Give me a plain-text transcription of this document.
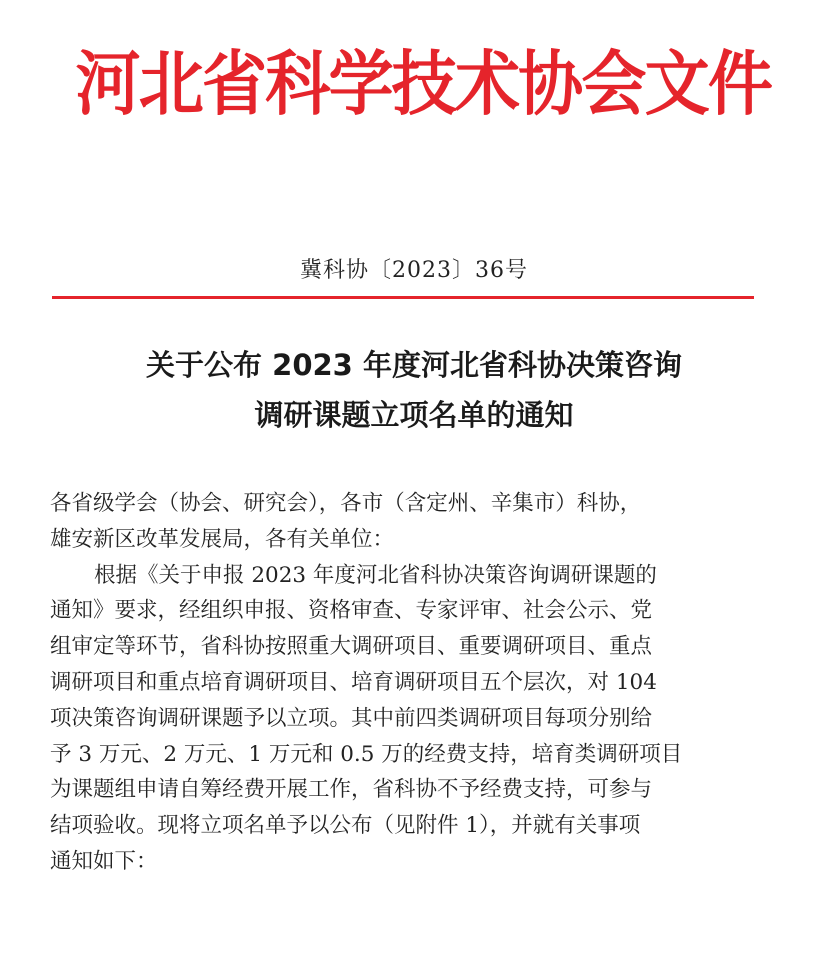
河北省科学技术协会文件
冀科协〔2023〕36号
关于公布 2023 年度河北省科协决策咨询
调研课题立项名单的通知
各省级学会（协会、研究会），各市（含定州、辛集市）科协，
雄安新区改革发展局，各有关单位：
根据《关于申报 2023 年度河北省科协决策咨询调研课题的
通知》要求，经组织申报、资格审查、专家评审、社会公示、党
组审定等环节，省科协按照重大调研项目、重要调研项目、重点
调研项目和重点培育调研项目、培育调研项目五个层次，对 104
项决策咨询调研课题予以立项。其中前四类调研项目每项分别给
予 3 万元、2 万元、1 万元和 0.5 万的经费支持，培育类调研项目
为课题组申请自筹经费开展工作，省科协不予经费支持，可参与
结项验收。现将立项名单予以公布（见附件 1），并就有关事项
通知如下：
